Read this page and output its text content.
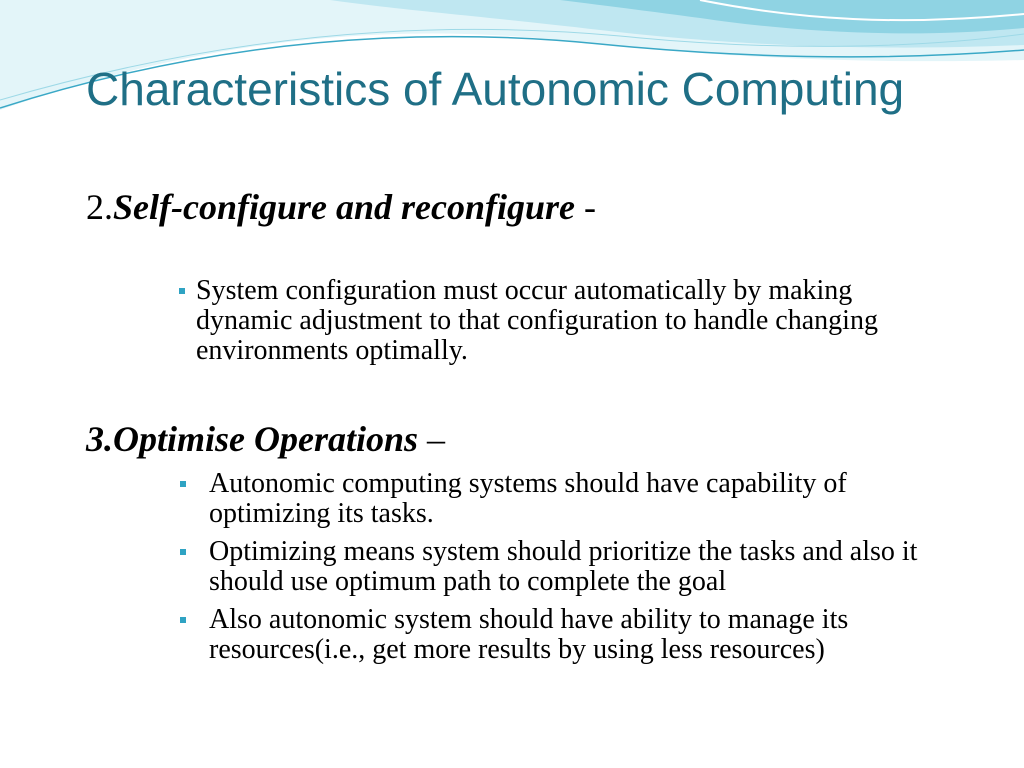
Characteristics of Autonomic Computing
2.Self-configure and reconfigure -
System configuration must occur automatically by making dynamic adjustment to that configuration to handle changing environments optimally.
3.Optimise Operations –
Autonomic computing systems should have capability of optimizing its tasks.
Optimizing means system should prioritize the tasks and also it should use optimum path to complete the goal
Also autonomic system should have ability to manage its resources(i.e., get more results by using less resources)
